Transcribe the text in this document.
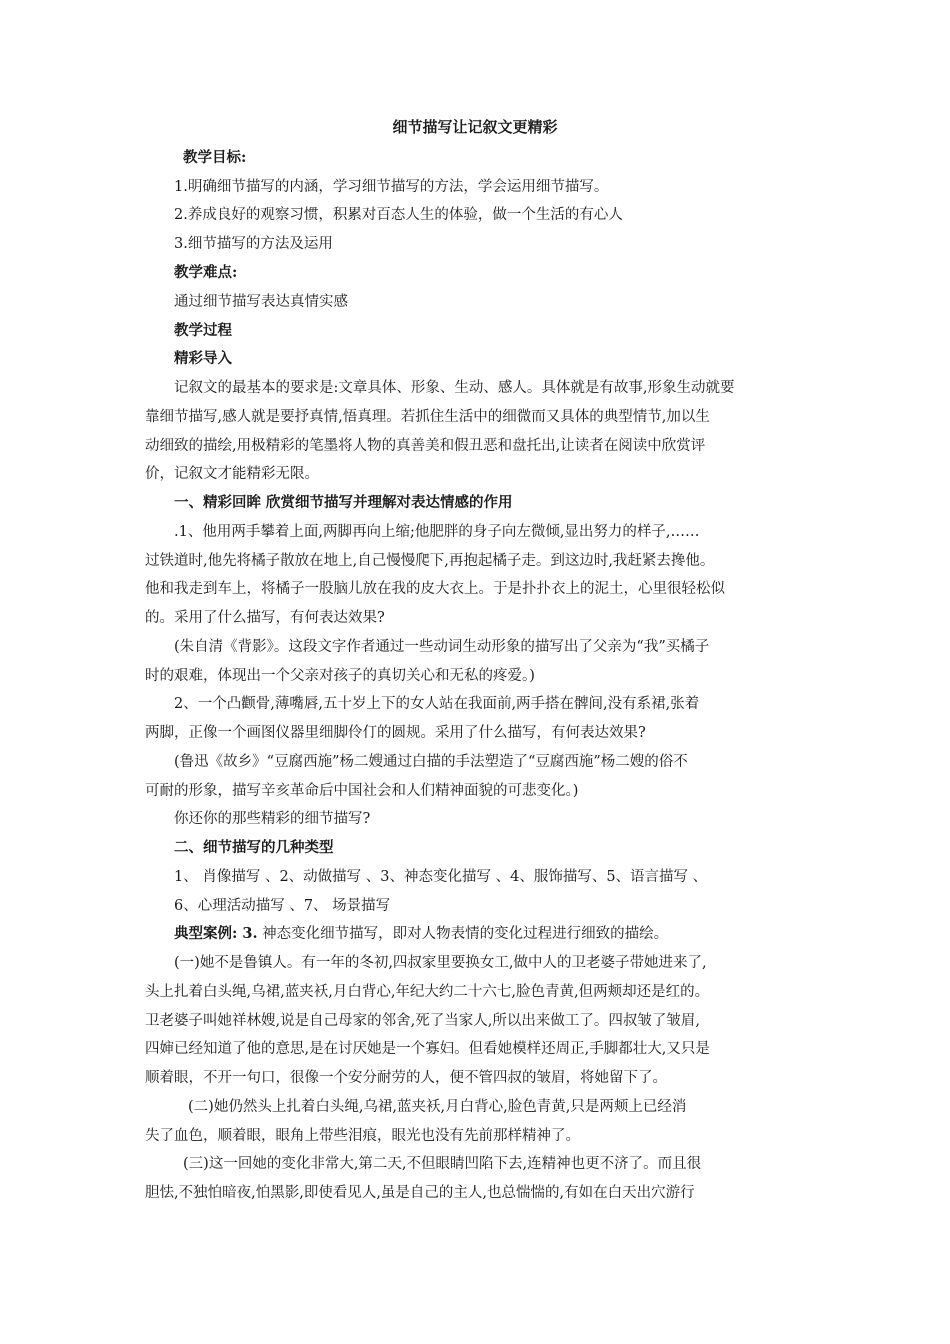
细节描写让记叙文更精彩
教学目标:
1.明确细节描写的内涵，学习细节描写的方法，学会运用细节描写。
2.养成良好的观察习惯，积累对百态人生的体验，做一个生活的有心人
3.细节描写的方法及运用
教学难点:
通过细节描写表达真情实感
教学过程
精彩导入
记叙文的最基本的要求是:文章具体、形象、生动、感人。具体就是有故事,形象生动就要
靠细节描写,感人就是要抒真情,悟真理。若抓住生活中的细微而又具体的典型情节,加以生
动细致的描绘,用极精彩的笔墨将人物的真善美和假丑恶和盘托出,让读者在阅读中欣赏评
价，记叙文才能精彩无限。
一、精彩回眸 欣赏细节描写并理解对表达情感的作用
.1、他用两手攀着上面,两脚再向上缩;他肥胖的身子向左微倾,显出努力的样子,……
过铁道时,他先将橘子散放在地上,自己慢慢爬下,再抱起橘子走。到这边时,我赶紧去搀他。
他和我走到车上，将橘子一股脑儿放在我的皮大衣上。于是扑扑衣上的泥土，心里很轻松似
的。采用了什么描写，有何表达效果?
(朱自清《背影》。这段文字作者通过一些动词生动形象的描写出了父亲为“我”买橘子
时的艰难，体现出一个父亲对孩子的真切关心和无私的疼爱。)
2、一个凸颧骨,薄嘴唇,五十岁上下的女人站在我面前,两手搭在髀间,没有系裙,张着
两脚，正像一个画图仪器里细脚伶仃的圆规。采用了什么描写，有何表达效果?
(鲁迅《故乡》“豆腐西施”杨二嫂通过白描的手法塑造了“豆腐西施”杨二嫂的俗不
可耐的形象，描写辛亥革命后中国社会和人们精神面貌的可悲变化。)
你还你的那些精彩的细节描写?
二、细节描写的几种类型
1、 肖像描写 、2、动做描写 、3、神态变化描写 、4、服饰描写、5、语言描写 、
6、心理活动描写 、7、 场景描写
典型案例: 3. 神态变化细节描写，即对人物表情的变化过程进行细致的描绘。
(一)她不是鲁镇人。有一年的冬初,四叔家里要换女工,做中人的卫老婆子带她进来了,
头上扎着白头绳,乌裙,蓝夹袄,月白背心,年纪大约二十六七,脸色青黄,但两颊却还是红的。
卫老婆子叫她祥林嫂,说是自己母家的邻舍,死了当家人,所以出来做工了。四叔皱了皱眉,
四婶已经知道了他的意思,是在讨厌她是一个寡妇。但看她模样还周正,手脚都壮大,又只是
顺着眼，不开一句口，很像一个安分耐劳的人，便不管四叔的皱眉，将她留下了。
(二)她仍然头上扎着白头绳,乌裙,蓝夹袄,月白背心,脸色青黄,只是两颊上已经消
失了血色，顺着眼，眼角上带些泪痕，眼光也没有先前那样精神了。
(三)这一回她的变化非常大,第二天,不但眼睛凹陷下去,连精神也更不济了。而且很
胆怯,不独怕暗夜,怕黑影,即使看见人,虽是自己的主人,也总惴惴的,有如在白天出穴游行
